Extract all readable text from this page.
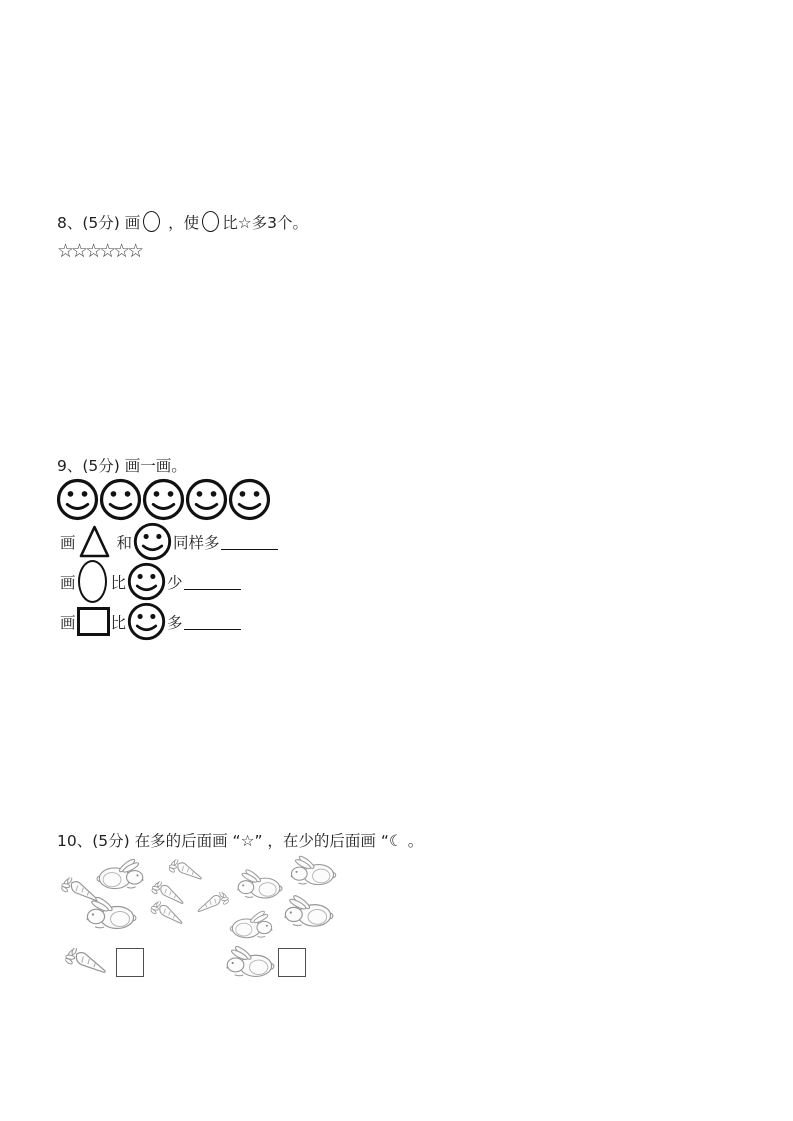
8、(5分) 画 ，使 比☆多3个。
☆☆☆☆☆☆
9、(5分) 画一画。
画	和	同样多
画 比	少
画 比	多
10、(5分) 在多的后面画 “☆” ，在少的后面画 “☾ 。
